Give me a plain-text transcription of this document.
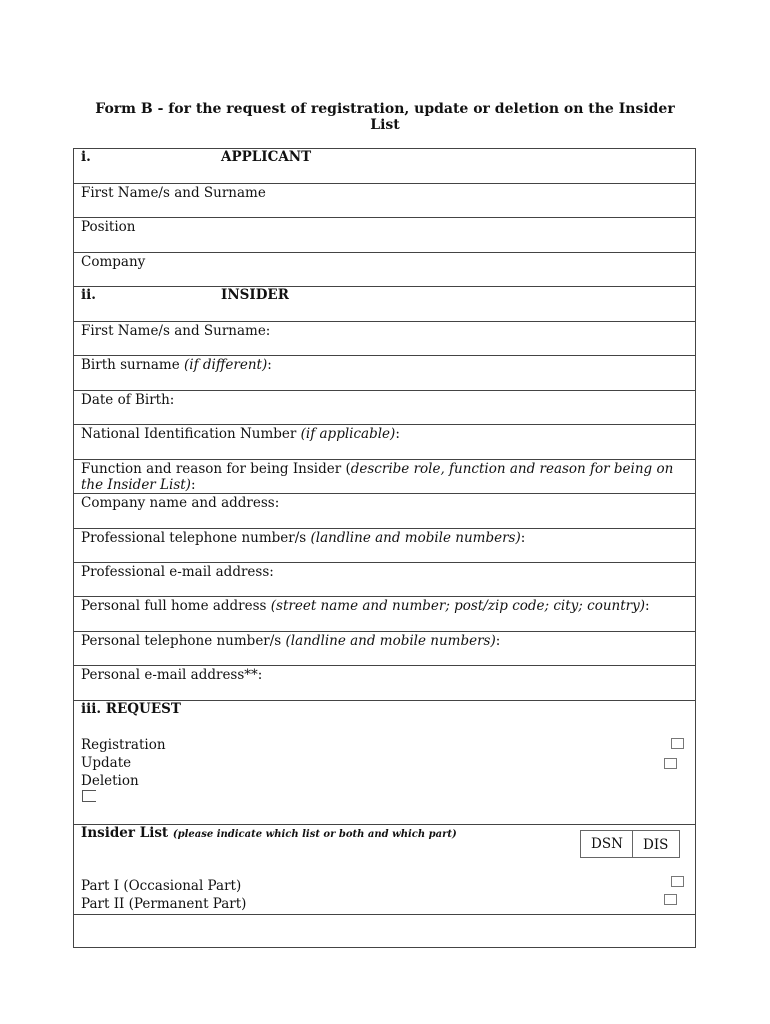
Form B - for the request of registration, update or deletion on the Insider List
i.	APPLICANT
First Name/s and Surname
Position
Company
ii.	INSIDER
First Name/s and Surname:
Birth surname (if different):
Date of Birth:
National Identification Number (if applicable):
Function and reason for being Insider (describe role, function and reason for being on the Insider List):
Company name and address:
Professional telephone number/s (landline and mobile numbers):
Professional e-mail address:
Personal full home address (street name and number; post/zip code; city; country):
Personal telephone number/s (landline and mobile numbers):
Personal e-mail address**:
iii. REQUEST
Registration
Update
Deletion
Insider List (please indicate which list or both and which part)
DSN DIS
Part I (Occasional Part)
Part II (Permanent Part)
